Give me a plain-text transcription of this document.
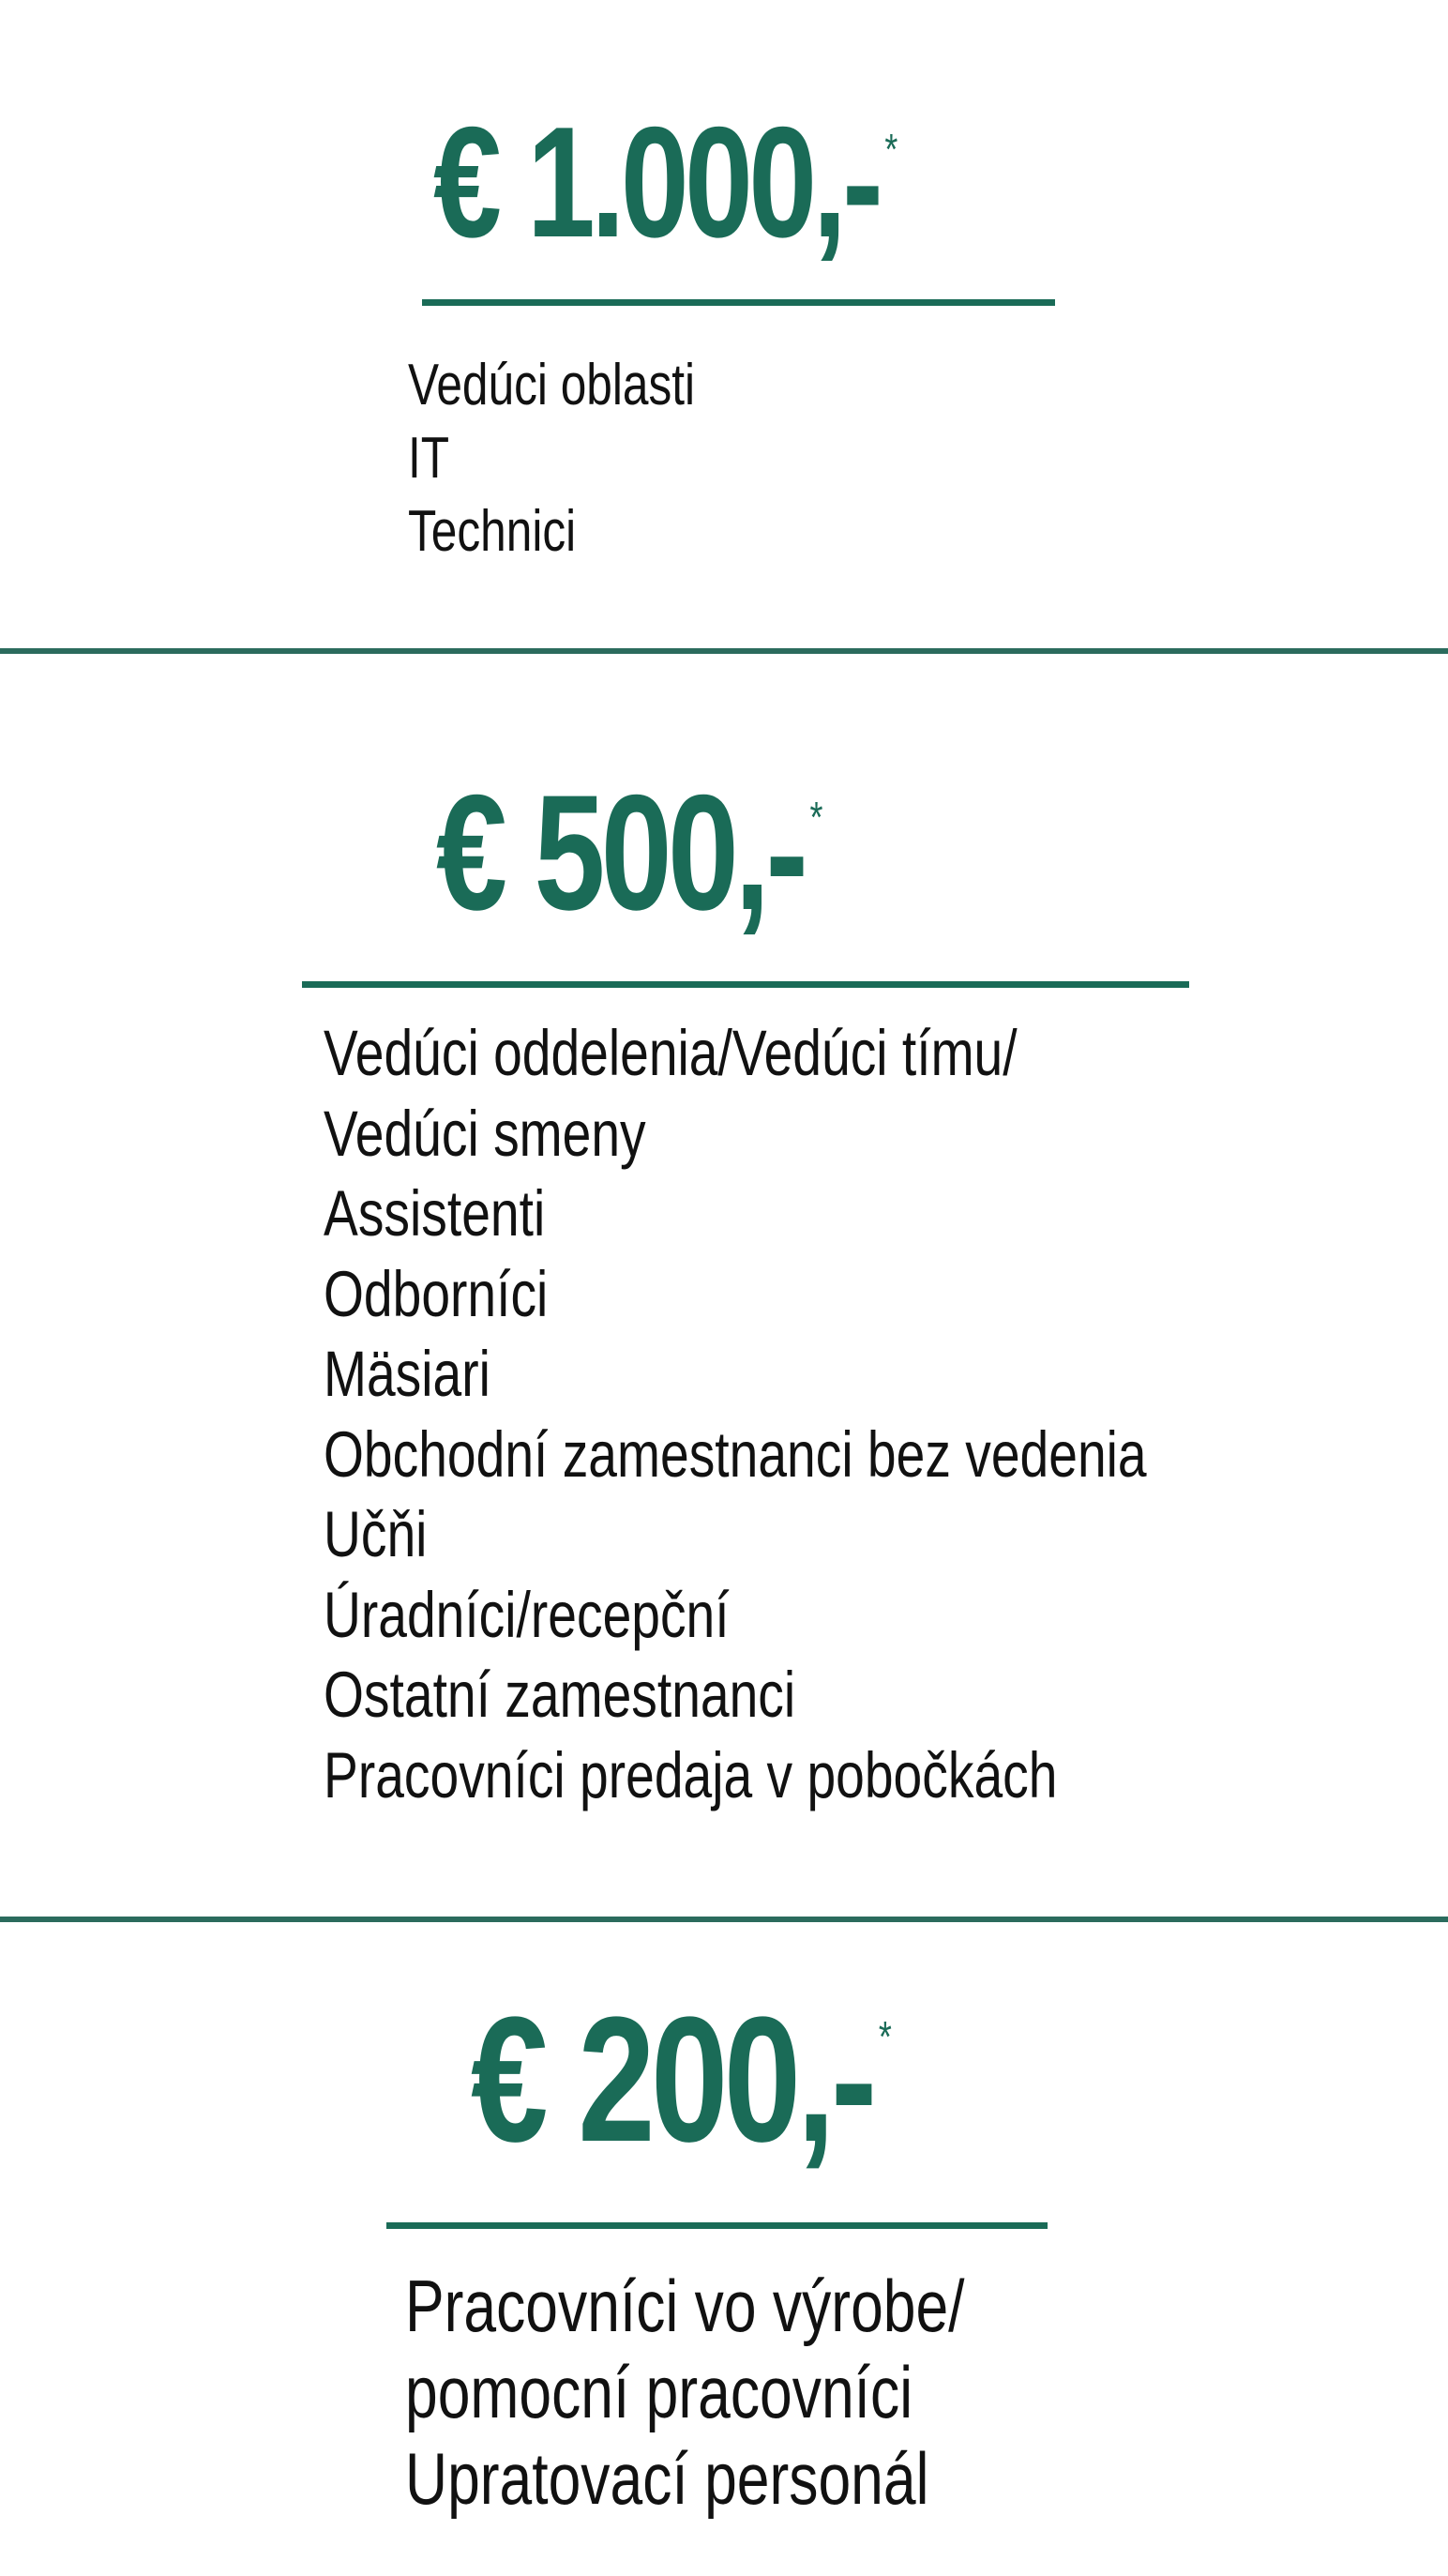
€ 1.000,- *
Vedúci oblasti
IT
Technici
€ 500,- *
Vedúci oddelenia/Vedúci tímu/
Vedúci smeny
Assistenti
Odborníci
Mäsiari
Obchodní zamestnanci bez vedenia
Učňi
Úradníci/recepční
Ostatní zamestnanci
Pracovníci predaja v pobočkách
€ 200,- *
Pracovníci vo výrobe/
pomocní pracovníci
Upratovací personál
